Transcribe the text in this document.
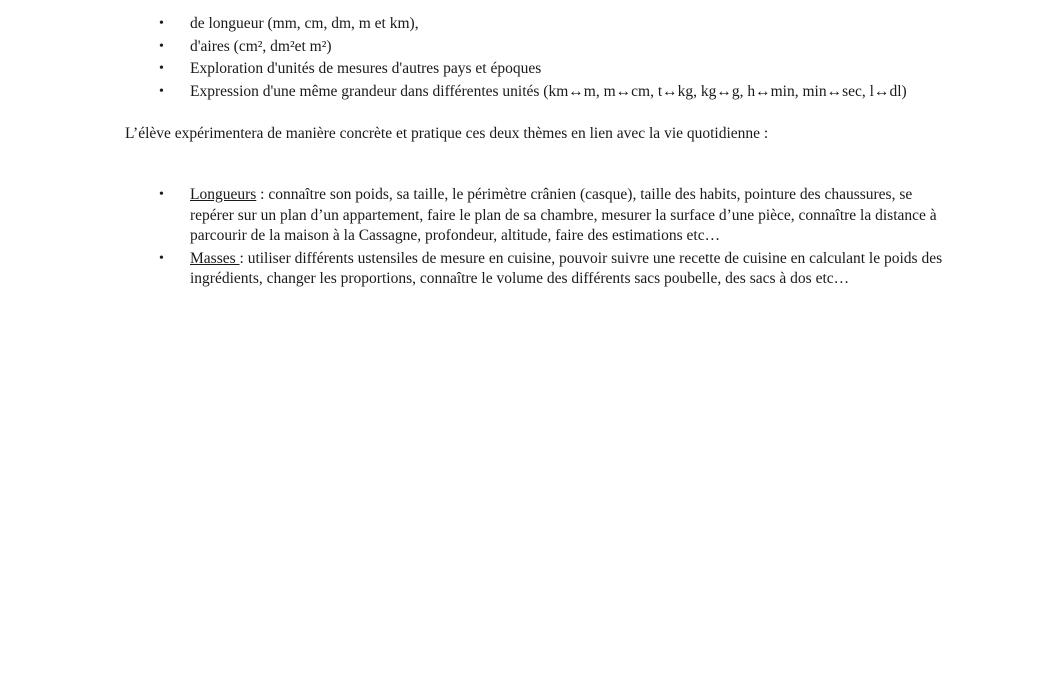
• de longueur (mm, cm, dm, m et km),
• d'aires (cm², dm²et m²)
• Exploration d'unités de mesures d'autres pays et époques
• Expression d'une même grandeur dans différentes unités (km↔m, m↔cm, t↔kg, kg↔g, h↔min, min↔sec, l↔dl)

L’élève expérimentera de manière concrète et pratique ces deux thèmes en lien avec la vie quotidienne :

• Longueurs : connaître son poids, sa taille, le périmètre crânien (casque), taille des habits, pointure des chaussures, se repérer sur un plan d’un appartement, faire le plan de sa chambre, mesurer la surface d’une pièce, connaître la distance à parcourir de la maison à la Cassagne, profondeur, altitude, faire des estimations etc…
• Masses : utiliser différents ustensiles de mesure en cuisine, pouvoir suivre une recette de cuisine en calculant le poids des ingrédients, changer les proportions, connaître le volume des différents sacs poubelle, des sacs à dos etc…
